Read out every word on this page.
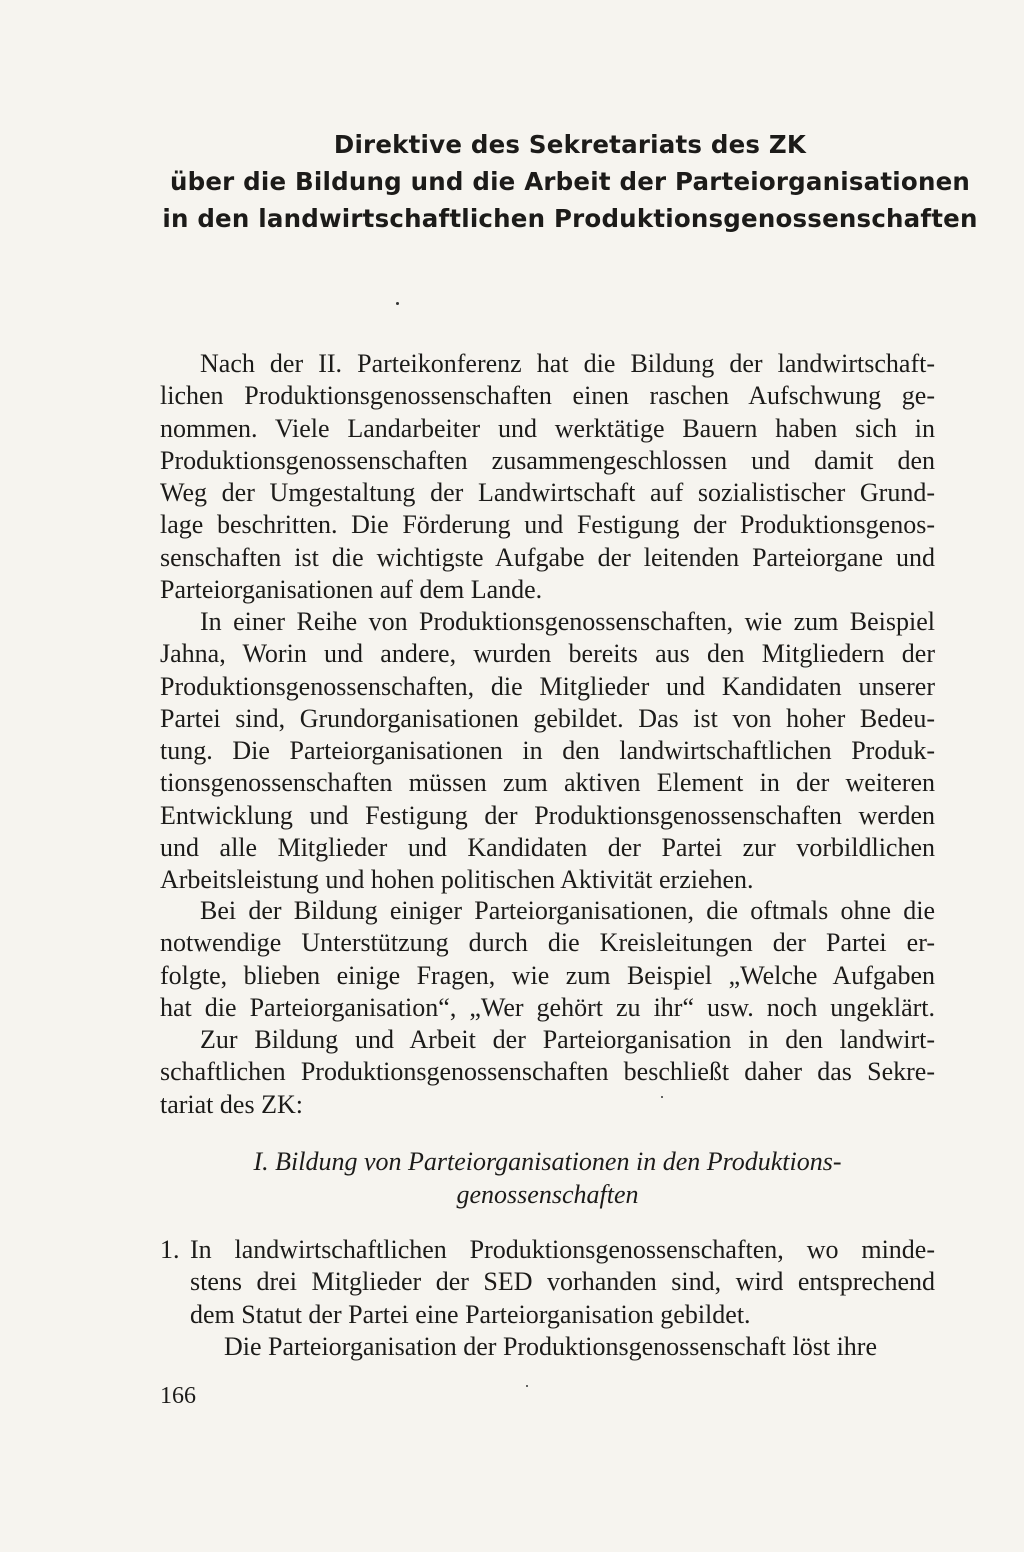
Direktive des Sekretariats des ZK
über die Bildung und die Arbeit der Parteiorganisationen
in den landwirtschaftlichen Produktionsgenossenschaften
Nach der II. Parteikonferenz hat die Bildung der landwirtschaft-
lichen Produktionsgenossenschaften einen raschen Aufschwung ge-
nommen. Viele Landarbeiter und werktätige Bauern haben sich in
Produktionsgenossenschaften zusammengeschlossen und damit den
Weg der Umgestaltung der Landwirtschaft auf sozialistischer Grund-
lage beschritten. Die Förderung und Festigung der Produktionsgenos-
senschaften ist die wichtigste Aufgabe der leitenden Parteiorgane und
Parteiorganisationen auf dem Lande.
In einer Reihe von Produktionsgenossenschaften, wie zum Beispiel
Jahna, Worin und andere, wurden bereits aus den Mitgliedern der
Produktionsgenossenschaften, die Mitglieder und Kandidaten unserer
Partei sind, Grundorganisationen gebildet. Das ist von hoher Bedeu-
tung. Die Parteiorganisationen in den landwirtschaftlichen Produk-
tionsgenossenschaften müssen zum aktiven Element in der weiteren
Entwicklung und Festigung der Produktionsgenossenschaften werden
und alle Mitglieder und Kandidaten der Partei zur vorbildlichen
Arbeitsleistung und hohen politischen Aktivität erziehen.
Bei der Bildung einiger Parteiorganisationen, die oftmals ohne die
notwendige Unterstützung durch die Kreisleitungen der Partei er-
folgte, blieben einige Fragen, wie zum Beispiel „Welche Aufgaben
hat die Parteiorganisation“, „Wer gehört zu ihr“ usw. noch ungeklärt.
Zur Bildung und Arbeit der Parteiorganisation in den landwirt-
schaftlichen Produktionsgenossenschaften beschließt daher das Sekre-
tariat des ZK:
I. Bildung von Parteiorganisationen in den Produktions-
genossenschaften
1. In landwirtschaftlichen Produktionsgenossenschaften, wo minde-
stens drei Mitglieder der SED vorhanden sind, wird entsprechend
dem Statut der Partei eine Parteiorganisation gebildet.
Die Parteiorganisation der Produktionsgenossenschaft löst ihre
166
